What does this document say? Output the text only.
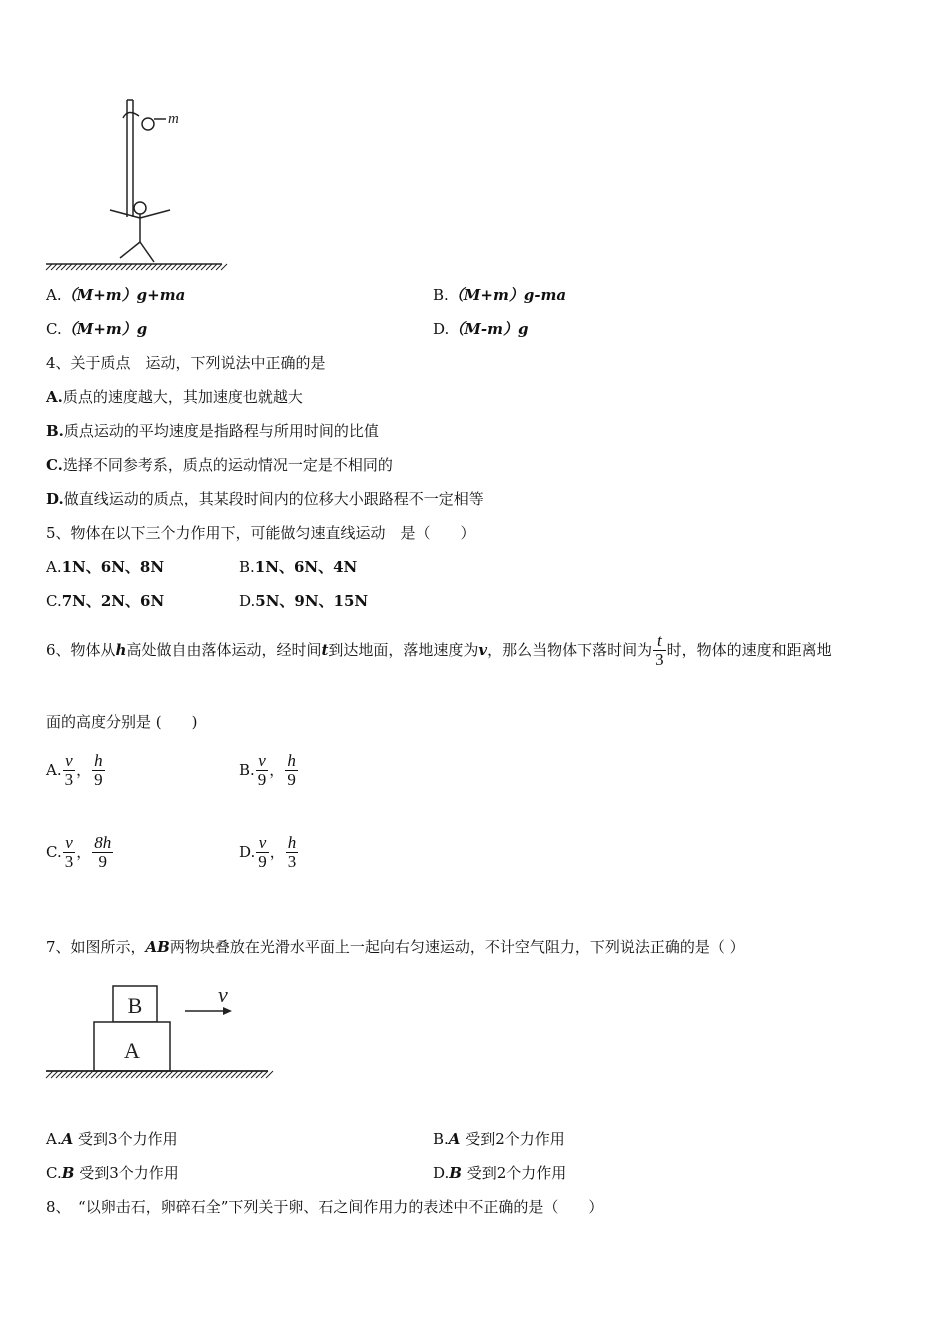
m
A.（M+m）g+ma	B.（M+m）g-ma
C.（M+m）g	D.（M-m）g
4、关于质点　运动，下列说法中正确的是
A.质点的速度越大，其加速度也就越大
B.质点运动的平均速度是指路程与所用时间的比值
C.选择不同参考系，质点的运动情况一定是不相同的
D.做直线运动的质点，其某段时间内的位移大小跟路程不一定相等
5、物体在以下三个力作用下，可能做匀速直线运动　是（　　）
A.1N、6N、8N	B.1N、6N、4N
C.7N、2N、6N	D.5N、9N、15N
6、物体从 h 高处做自由落体运动，经时间 t 到达地面，落地速度为 v ，那么当物体下落时间为 $\frac{t}{3}$ 时，物体的速度和距离地
面的高度分别是 (　　)
A. $\frac{v}{3}$ ， $\frac{h}{9}$	B. $\frac{v}{9}$ ， $\frac{h}{9}$
C. $\frac{v}{3}$ ， $\frac{8h}{9}$	D. $\frac{v}{9}$ ， $\frac{h}{3}$
7、如图所示，AB两物块叠放在光滑水平面上一起向右匀速运动，不计空气阻力，下列说法正确的是（ ）
B
A
v
A.A 受到3个力作用	B.A 受到2个力作用
C.B 受到3个力作用	D.B 受到2个力作用
8、　“以卵击石，卵碎石全”下列关于卵、石之间作用力的表述中不正确的是（　　）
